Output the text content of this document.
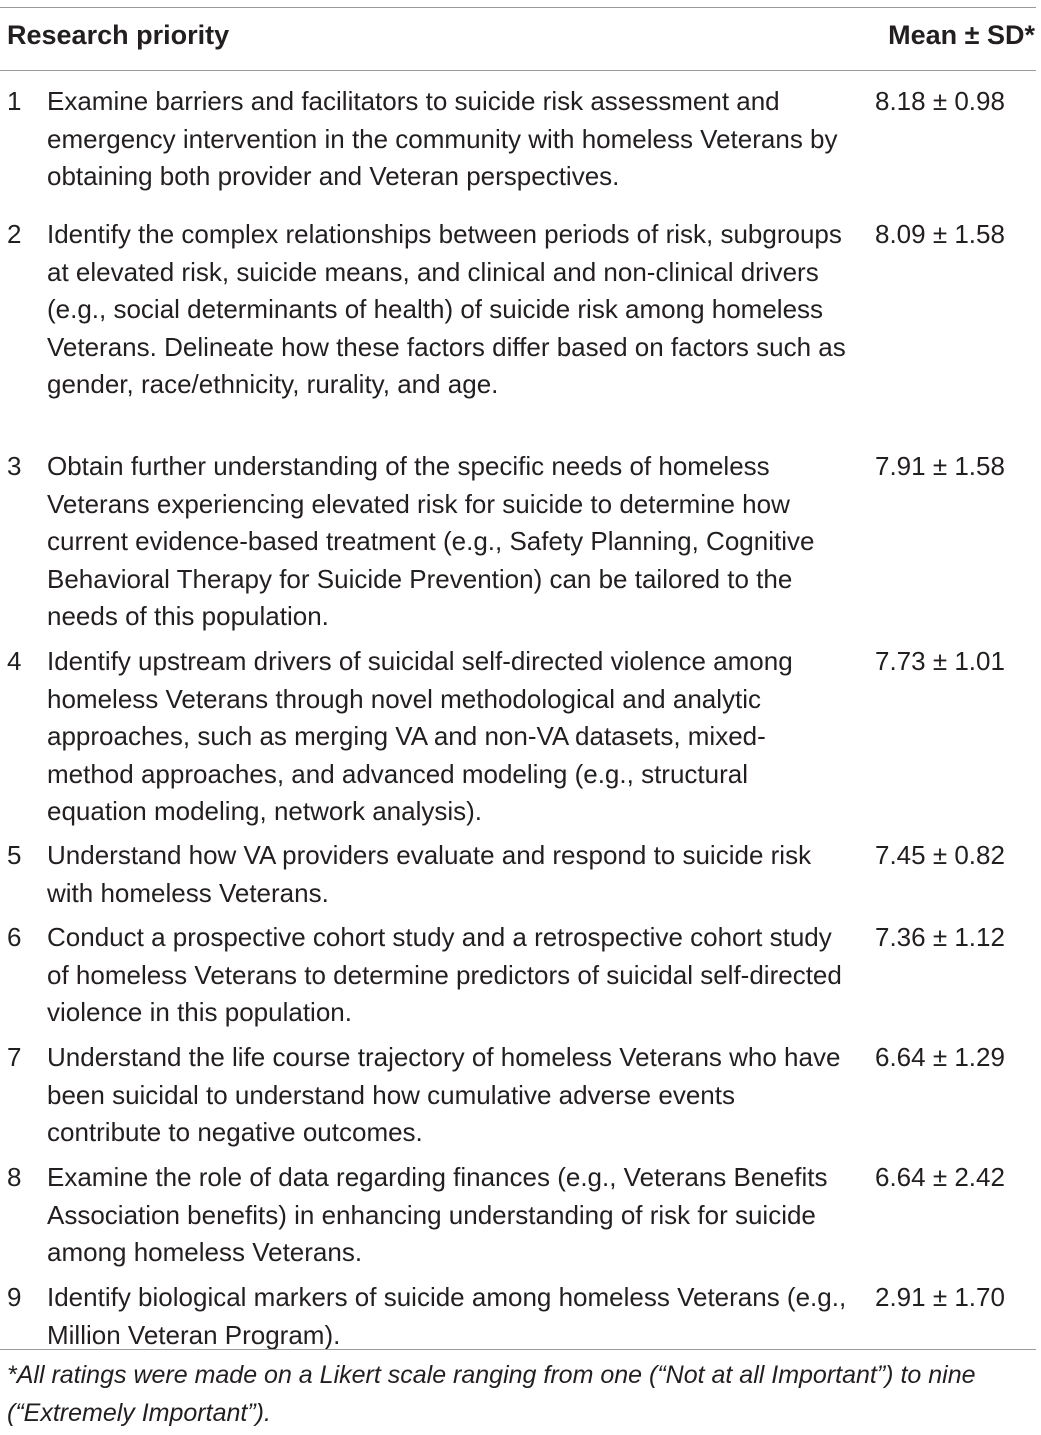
Research priority	Mean ± SD*
1 Examine barriers and facilitators to suicide risk assessment and emergency intervention in the community with homeless Veterans by obtaining both provider and Veteran perspectives.
8.18 ± 0.98
2 Identify the complex relationships between periods of risk, subgroups at elevated risk, suicide means, and clinical and non-clinical drivers (e.g., social determinants of health) of suicide risk among homeless Veterans. Delineate how these factors differ based on factors such as gender, race/ethnicity, rurality, and age.
8.09 ± 1.58
3 Obtain further understanding of the specific needs of homeless Veterans experiencing elevated risk for suicide to determine how current evidence-based treatment (e.g., Safety Planning, Cognitive Behavioral Therapy for Suicide Prevention) can be tailored to the needs of this population.
7.91 ± 1.58
4 Identify upstream drivers of suicidal self-directed violence among homeless Veterans through novel methodological and analytic approaches, such as merging VA and non-VA datasets, mixed-method approaches, and advanced modeling (e.g., structural equation modeling, network analysis).
7.73 ± 1.01
5 Understand how VA providers evaluate and respond to suicide risk with homeless Veterans.
7.45 ± 0.82
6 Conduct a prospective cohort study and a retrospective cohort study of homeless Veterans to determine predictors of suicidal self-directed violence in this population.
7.36 ± 1.12
7 Understand the life course trajectory of homeless Veterans who have been suicidal to understand how cumulative adverse events contribute to negative outcomes.
6.64 ± 1.29
8 Examine the role of data regarding finances (e.g., Veterans Benefits Association benefits) in enhancing understanding of risk for suicide among homeless Veterans.
6.64 ± 2.42
9 Identify biological markers of suicide among homeless Veterans (e.g., Million Veteran Program).
2.91 ± 1.70
*All ratings were made on a Likert scale ranging from one (“Not at all Important”) to nine (“Extremely Important”).
